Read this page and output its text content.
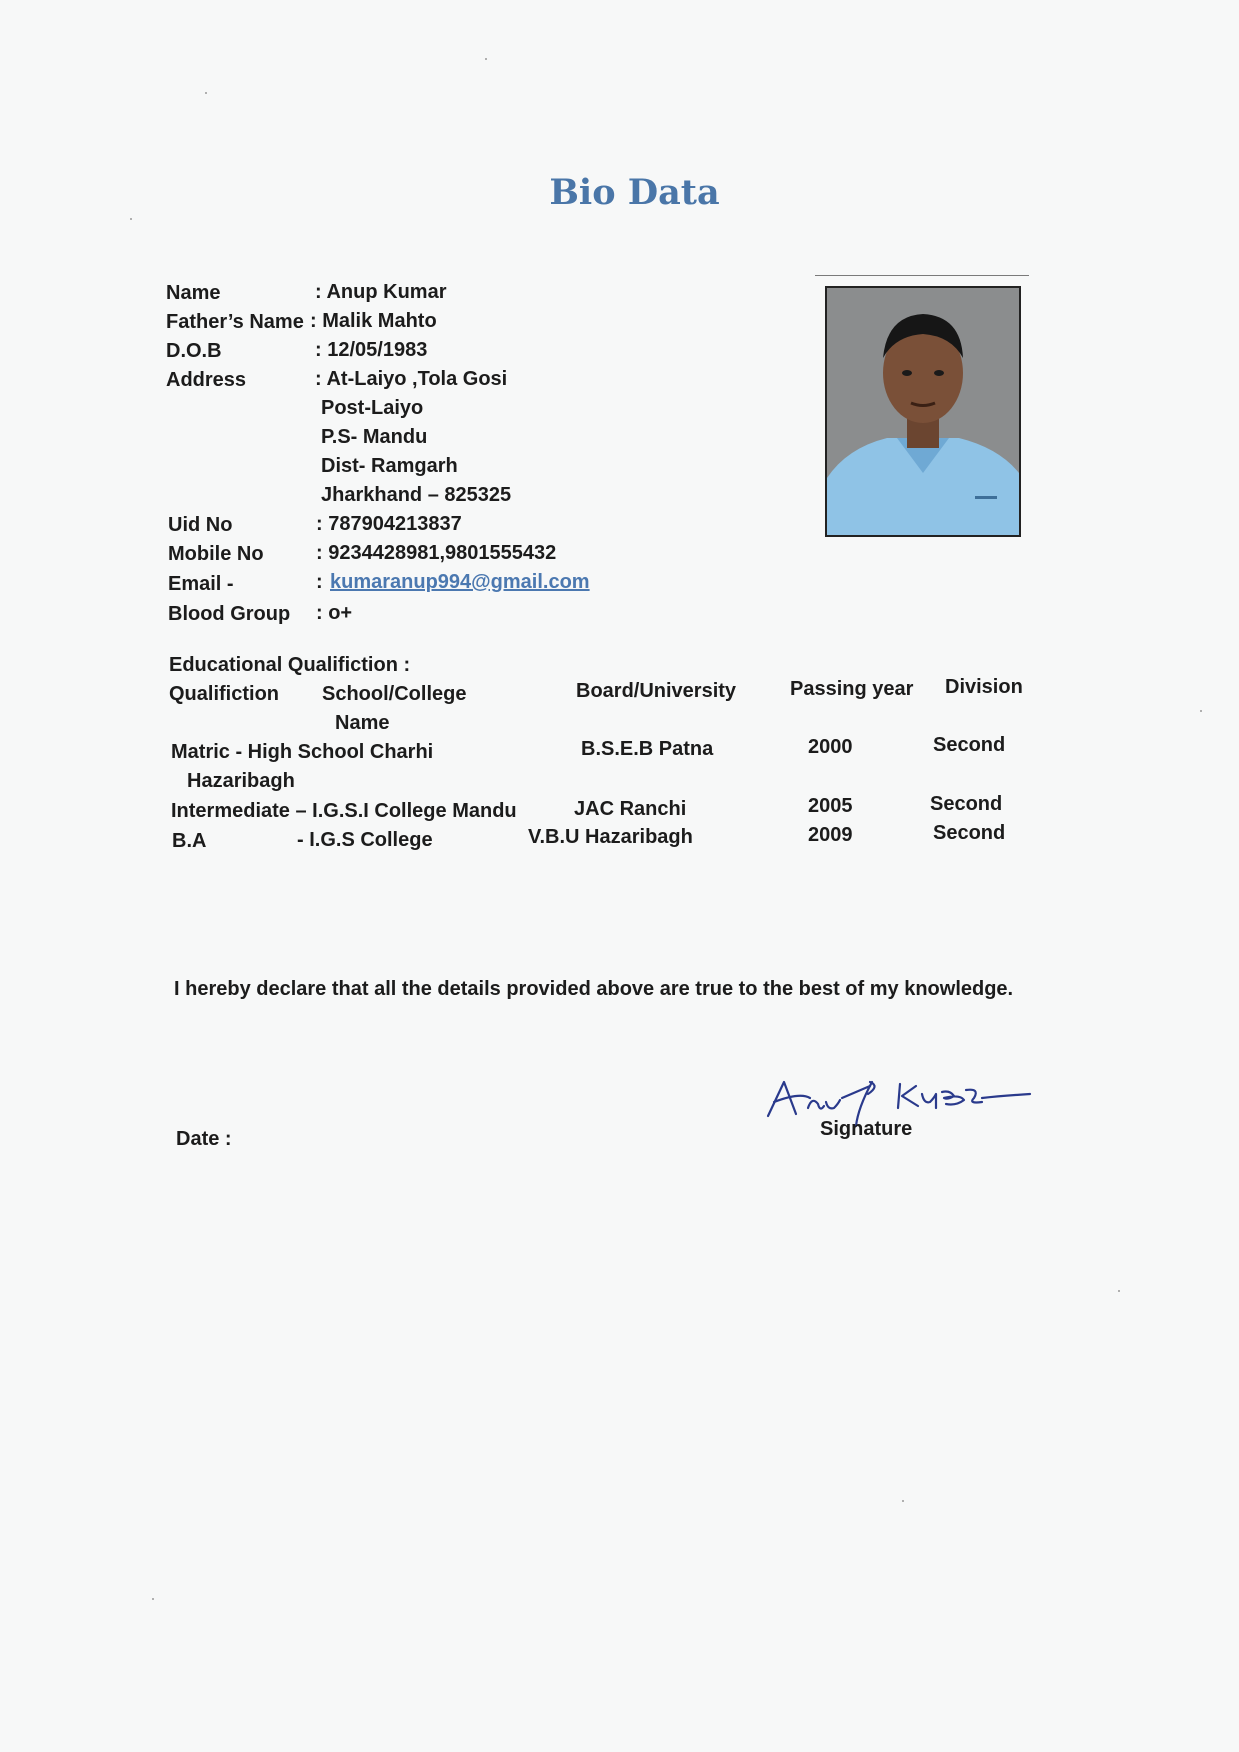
Bio Data
Name	: Anup Kumar
Father’s Name : Malik Mahto
D.O.B	: 12/05/1983
Address	: At-Laiyo ,Tola Gosi
Post-Laiyo
P.S- Mandu
Dist- Ramgarh
Jharkhand – 825325
Uid No	: 787904213837
Mobile No	: 9234428981,9801555432
Email -	: kumaranup994@gmail.com
Blood Group : o+
Educational Qualifiction :
Qualifiction School/College
Name
Board/University	Passing year Division
Matric - High School Charhi
Hazaribagh
B.S.E.B Patna	2000	Second
Intermediate – I.G.S.I College Mandu	JAC Ranchi	2005	Second
B.A	- I.G.S College	V.B.U Hazaribagh	2009	Second
I hereby declare that all the details provided above are true to the best of my knowledge.
Date :	Signature
